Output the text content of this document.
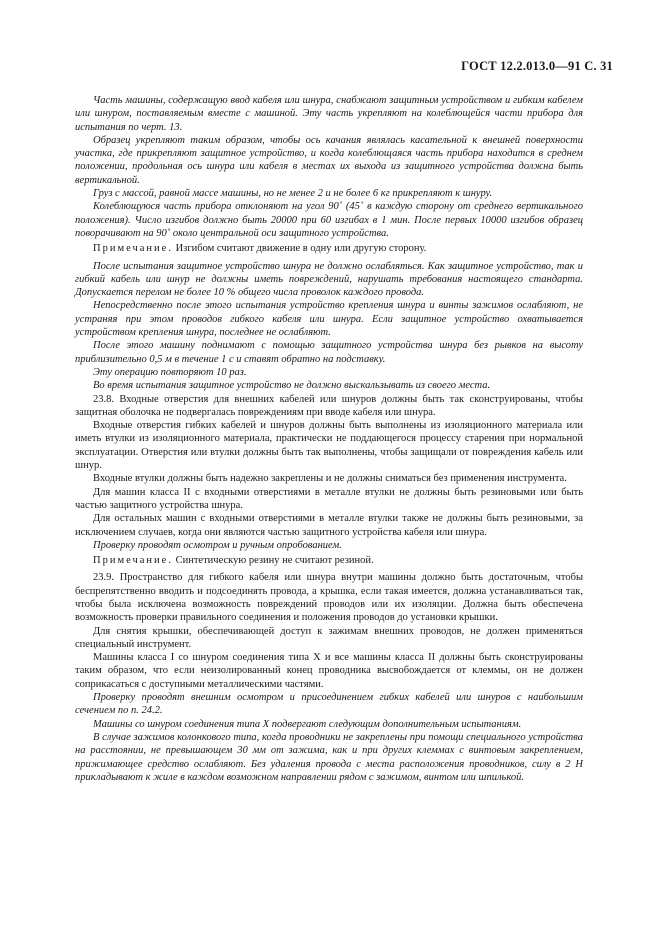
ГОСТ 12.2.013.0—91 С. 31

Часть машины, содержащую ввод кабеля или шнура, снабжают защитным устройством и гибким кабелем или шнуром, поставляемым вместе с машиной. Эту часть укрепляют на колеблющейся части прибора для испытания по черт. 13.

Образец укрепляют таким образом, чтобы ось качания являлась касательной к внешней поверхности участка, где прикрепляют защитное устройство, и когда колеблющаяся часть прибора находится в среднем положении, продольная ось шнура или кабеля в местах их выхода из защитного устройства должна быть вертикальной.

Груз с массой, равной массе машины, но не менее 2 и не более 6 кг прикрепляют к шнуру.

Колеблющуюся часть прибора отклоняют на угол 90˚ (45˚ в каждую сторону от среднего вертикального положения). Число изгибов должно быть 20000 при 60 изгибах в 1 мин. После первых 10000 изгибов образец поворачивают на 90˚ около центральной оси защитного устройства.

Примечание. Изгибом считают движение в одну или другую сторону.

После испытания защитное устройство шнура не должно ослабляться. Как защитное устройство, так и гибкий кабель или шнур не должны иметь повреждений, нарушать требования настоящего стандарта. Допускается перелом не более 10 % общего числа проволок каждого провода.

Непосредственно после этого испытания устройство крепления шнура и винты зажимов ослабляют, не устраняя при этом проводов гибкого кабеля или шнура. Если защитное устройство охватывается устройством крепления шнура, последнее не ослабляют.

После этого машину поднимают с помощью защитного устройства шнура без рывков на высоту приблизительно 0,5 м в течение 1 с и ставят обратно на подставку.

Эту операцию повторяют 10 раз.

Во время испытания защитное устройство не должно выскальзывать из своего места.

23.8. Входные отверстия для внешних кабелей или шнуров должны быть так сконструированы, чтобы защитная оболочка не подвергалась повреждениям при вводе кабеля или шнура.

Входные отверстия гибких кабелей и шнуров должны быть выполнены из изоляционного материала или иметь втулки из изоляционного материала, практически не поддающегося процессу старения при нормальной эксплуатации. Отверстия или втулки должны быть так выполнены, чтобы защищали от повреждения кабель или шнур.

Входные втулки должны быть надежно закреплены и не должны сниматься без применения инструмента.

Для машин класса II с входными отверстиями в металле втулки не должны быть резиновыми или быть частью защитного устройства шнура.

Для остальных машин с входными отверстиями в металле втулки также не должны быть резиновыми, за исключением случаев, когда они являются частью защитного устройства кабеля или шнура.

Проверку проводят осмотром и ручным опробованием.

Примечание. Синтетическую резину не считают резиной.

23.9. Пространство для гибкого кабеля или шнура внутри машины должно быть достаточным, чтобы беспрепятственно вводить и подсоединять провода, а крышка, если такая имеется, должна устанавливаться так, чтобы была исключена возможность повреждений проводов или их изоляции. Должна быть обеспечена возможность проверки правильного соединения и положения проводов до установки крышки.

Для снятия крышки, обеспечивающей доступ к зажимам внешних проводов, не должен применяться специальный инструмент.

Машины класса I со шнуром соединения типа X и все машины класса II должны быть сконструированы таким образом, что если неизолированный конец проводника высвобождается от клеммы, он не должен соприкасаться с доступными металлическими частями.

Проверку проводят внешним осмотром и присоединением гибких кабелей или шнуров с наибольшим сечением по п. 24.2.

Машины со шнуром соединения типа X подвергают следующим дополнительным испытаниям.

В случае зажимов колонкового типа, когда проводники не закреплены при помощи специального устройства на расстоянии, не превышающем 30 мм от зажима, как и при других клеммах с винтовым закреплением, прижимающее средство ослабляют. Без удаления провода с места расположения проводников, силу в 2 Н прикладывают к жиле в каждом возможном направлении рядом с зажимом, винтом или шпилькой.
